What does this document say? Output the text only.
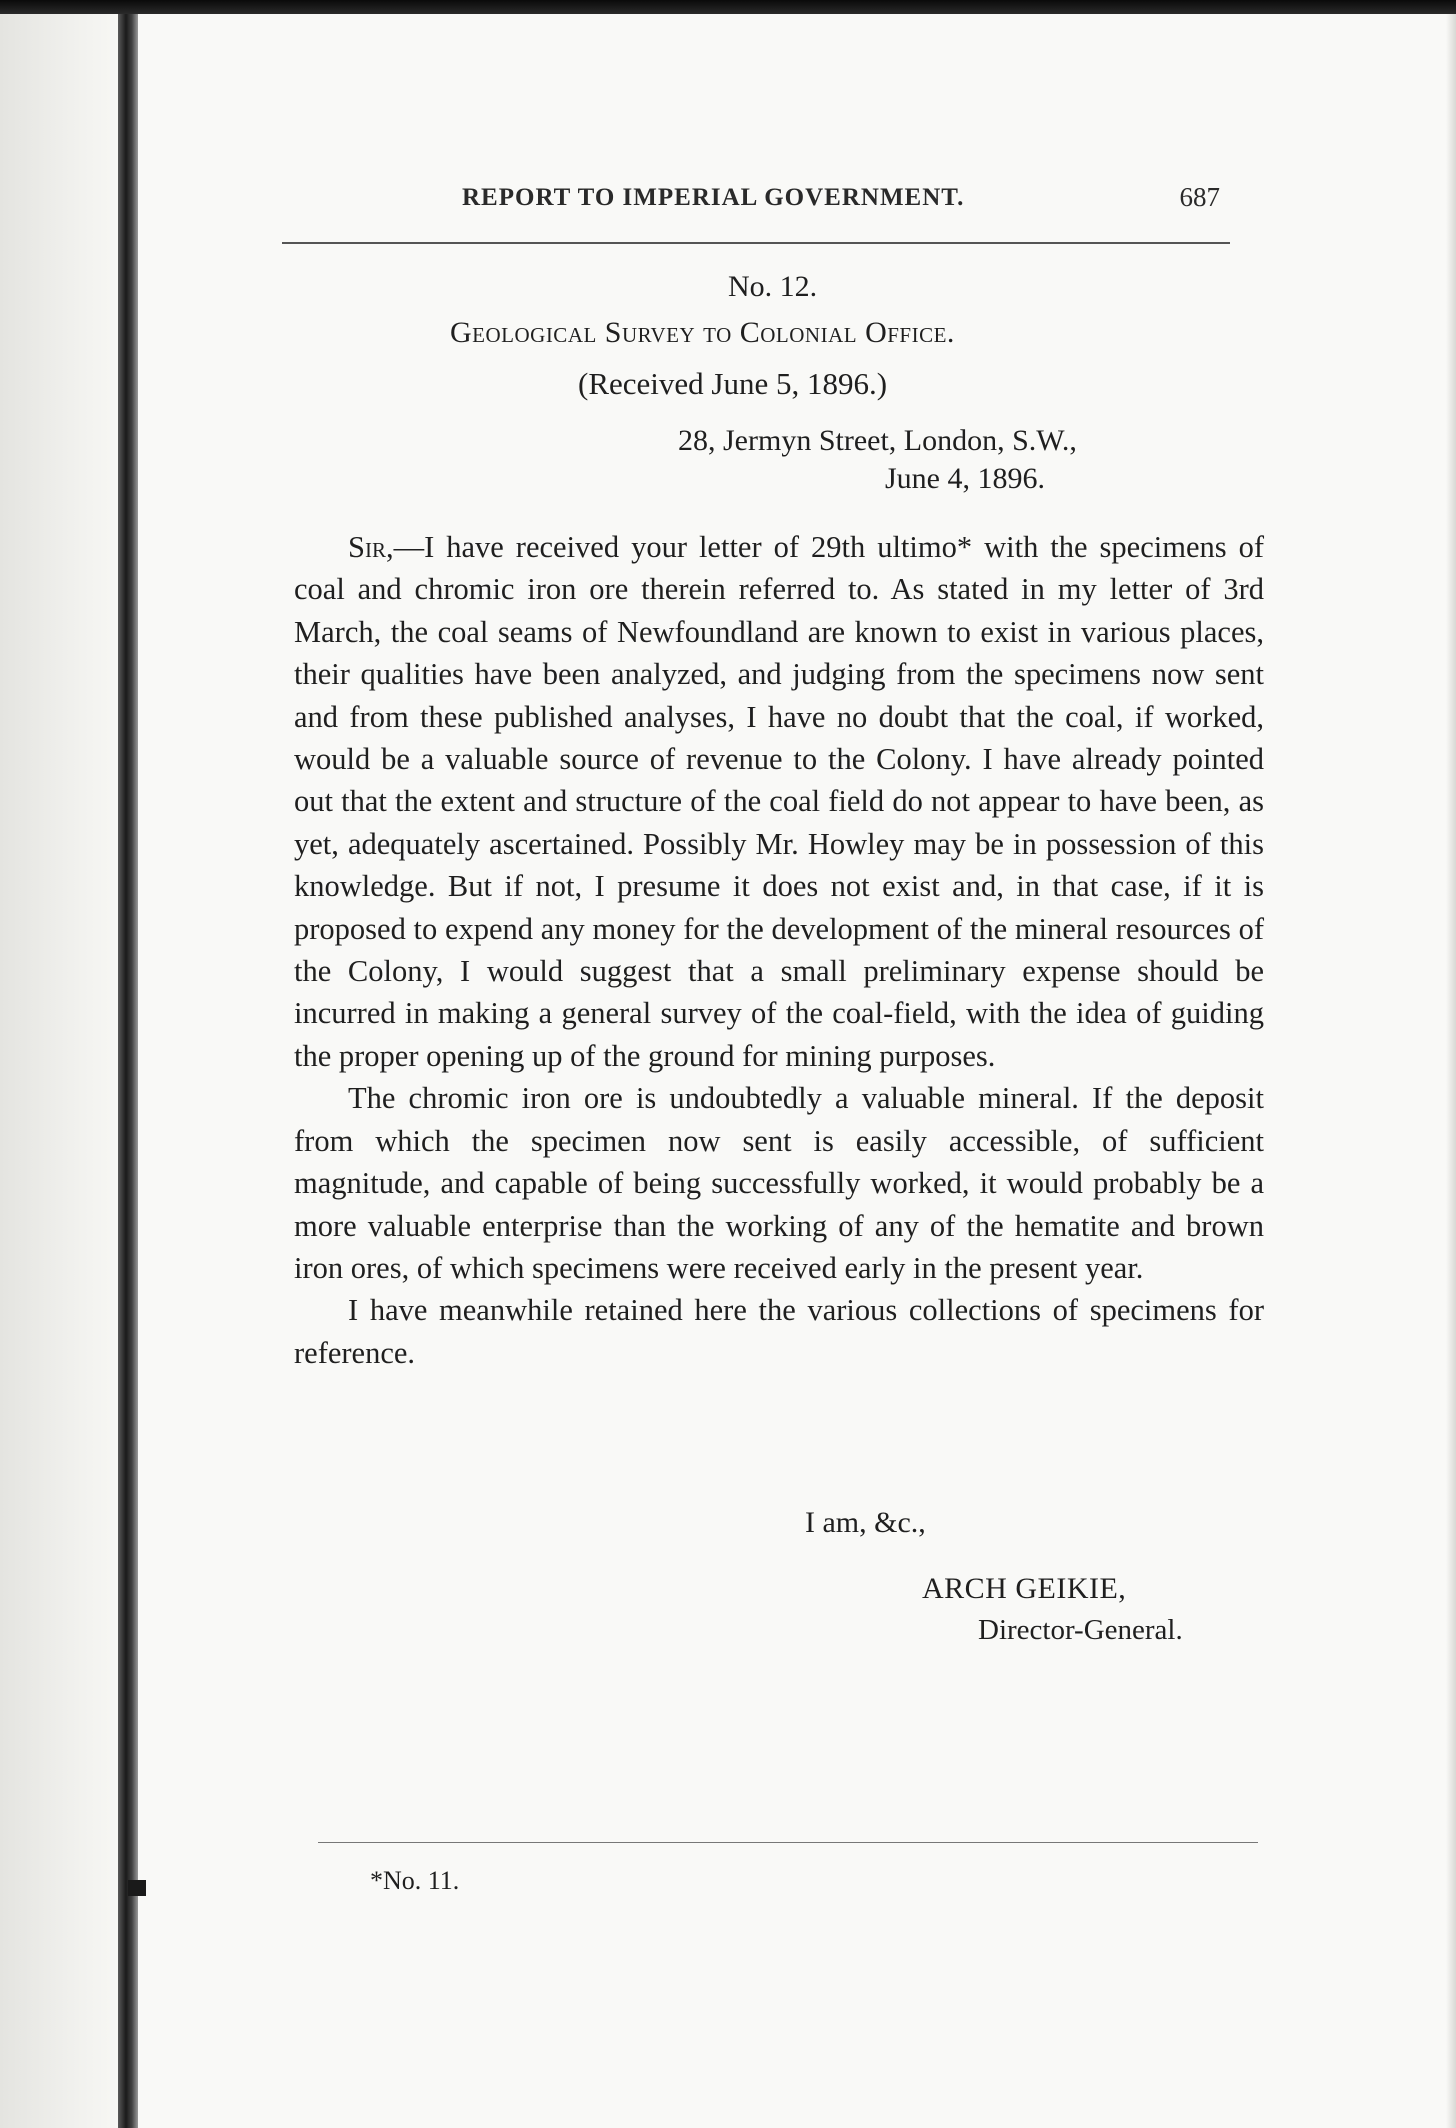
REPORT TO IMPERIAL GOVERNMENT.	687
No. 12.
Geological Survey to Colonial Office.
(Received June 5, 1896.)
28, Jermyn Street, London, S.W.,
June 4, 1896.

Sir,—I have received your letter of 29th ultimo* with the specimens of coal and chromic iron ore therein referred to. As stated in my letter of 3rd March, the coal seams of Newfoundland are known to exist in various places, their qualities have been analyzed, and judging from the specimens now sent and from these published analyses, I have no doubt that the coal, if worked, would be a valuable source of revenue to the Colony. I have already pointed out that the extent and structure of the coal field do not appear to have been, as yet, adequately ascertained. Possibly Mr. Howley may be in possession of this knowledge. But if not, I presume it does not exist and, in that case, if it is proposed to expend any money for the development of the mineral resources of the Colony, I would suggest that a small preliminary expense should be incurred in making a general survey of the coal-field, with the idea of guiding the proper opening up of the ground for mining purposes.

The chromic iron ore is undoubtedly a valuable mineral. If the deposit from which the specimen now sent is easily accessible, of sufficient magnitude, and capable of being successfully worked, it would probably be a more valuable enterprise than the working of any of the hematite and brown iron ores, of which specimens were received early in the present year.

I have meanwhile retained here the various collections of specimens for reference.

I am, &c.,
ARCH GEIKIE,
Director-General.
*No. 11.
